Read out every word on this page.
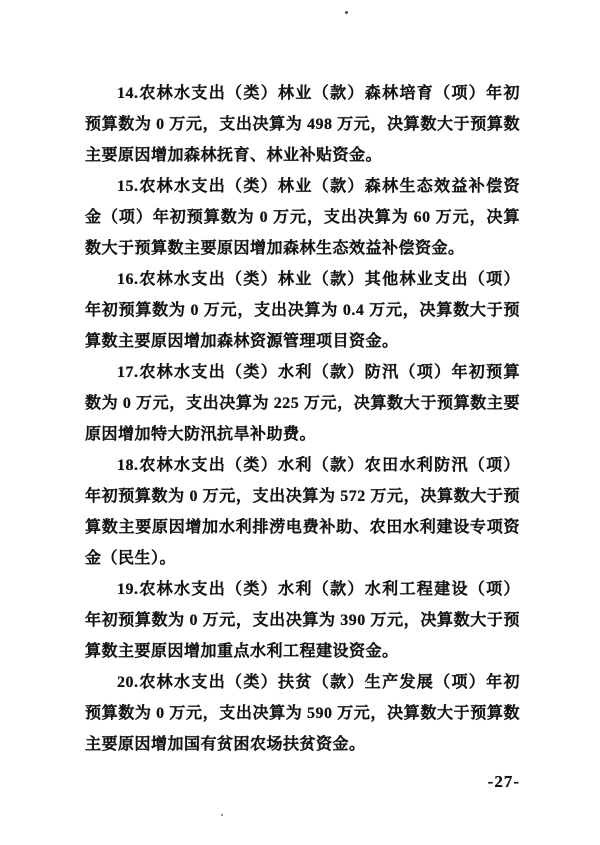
14.农林水支出（类）林业（款）森林培育（项）年初
预算数为 0 万元，支出决算为 498 万元，决算数大于预算数
主要原因增加森林抚育、林业补贴资金。
15.农林水支出（类）林业（款）森林生态效益补偿资
金（项）年初预算数为 0 万元，支出决算为 60 万元，决算
数大于预算数主要原因增加森林生态效益补偿资金。
16.农林水支出（类）林业（款）其他林业支出（项）
年初预算数为 0 万元，支出决算为 0.4 万元，决算数大于预
算数主要原因增加森林资源管理项目资金。
17.农林水支出（类）水利（款）防汛（项）年初预算
数为 0 万元，支出决算为 225 万元，决算数大于预算数主要
原因增加特大防汛抗旱补助费。
18.农林水支出（类）水利（款）农田水利防汛（项）
年初预算数为 0 万元，支出决算为 572 万元，决算数大于预
算数主要原因增加水利排涝电费补助、农田水利建设专项资
金（民生）。
19.农林水支出（类）水利（款）水利工程建设（项）
年初预算数为 0 万元，支出决算为 390 万元，决算数大于预
算数主要原因增加重点水利工程建设资金。
20.农林水支出（类）扶贫（款）生产发展（项）年初
预算数为 0 万元，支出决算为 590 万元，决算数大于预算数
主要原因增加国有贫困农场扶贫资金。
-27-
